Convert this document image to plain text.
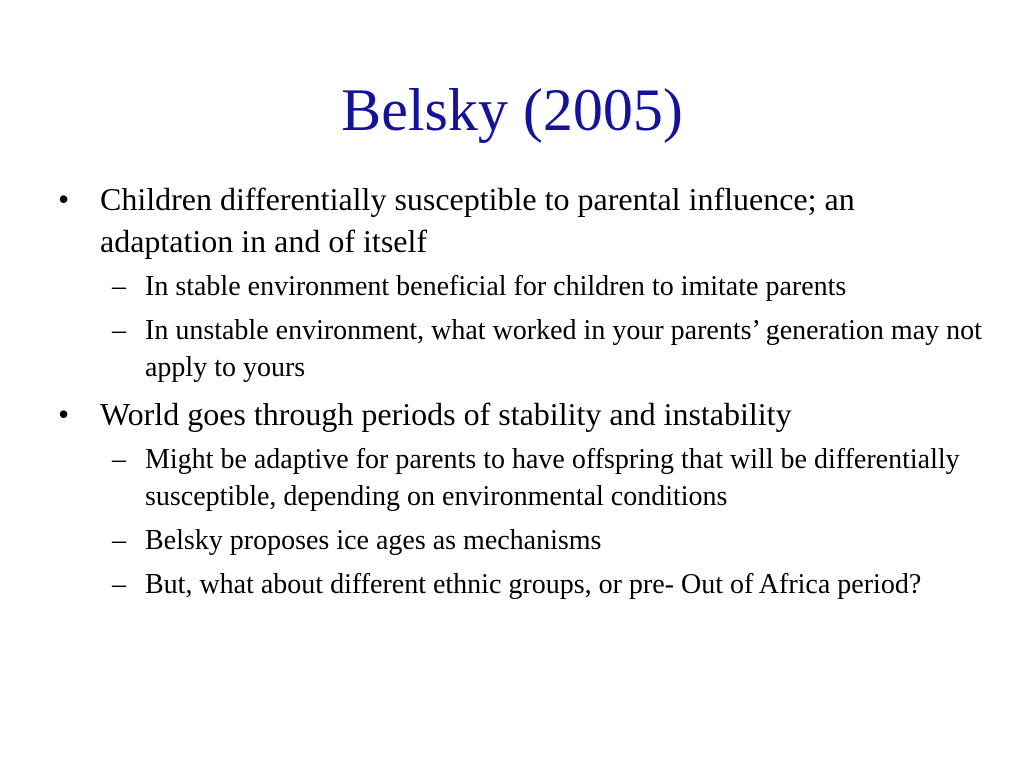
Belsky (2005)
• Children differentially susceptible to parental influence; an adaptation in and of itself
– In stable environment beneficial for children to imitate parents
– In unstable environment, what worked in your parents’ generation may not apply to yours
• World goes through periods of stability and instability
– Might be adaptive for parents to have offspring that will be differentially susceptible, depending on environmental conditions
– Belsky proposes ice ages as mechanisms
– But, what about different ethnic groups, or pre- Out of Africa period?
